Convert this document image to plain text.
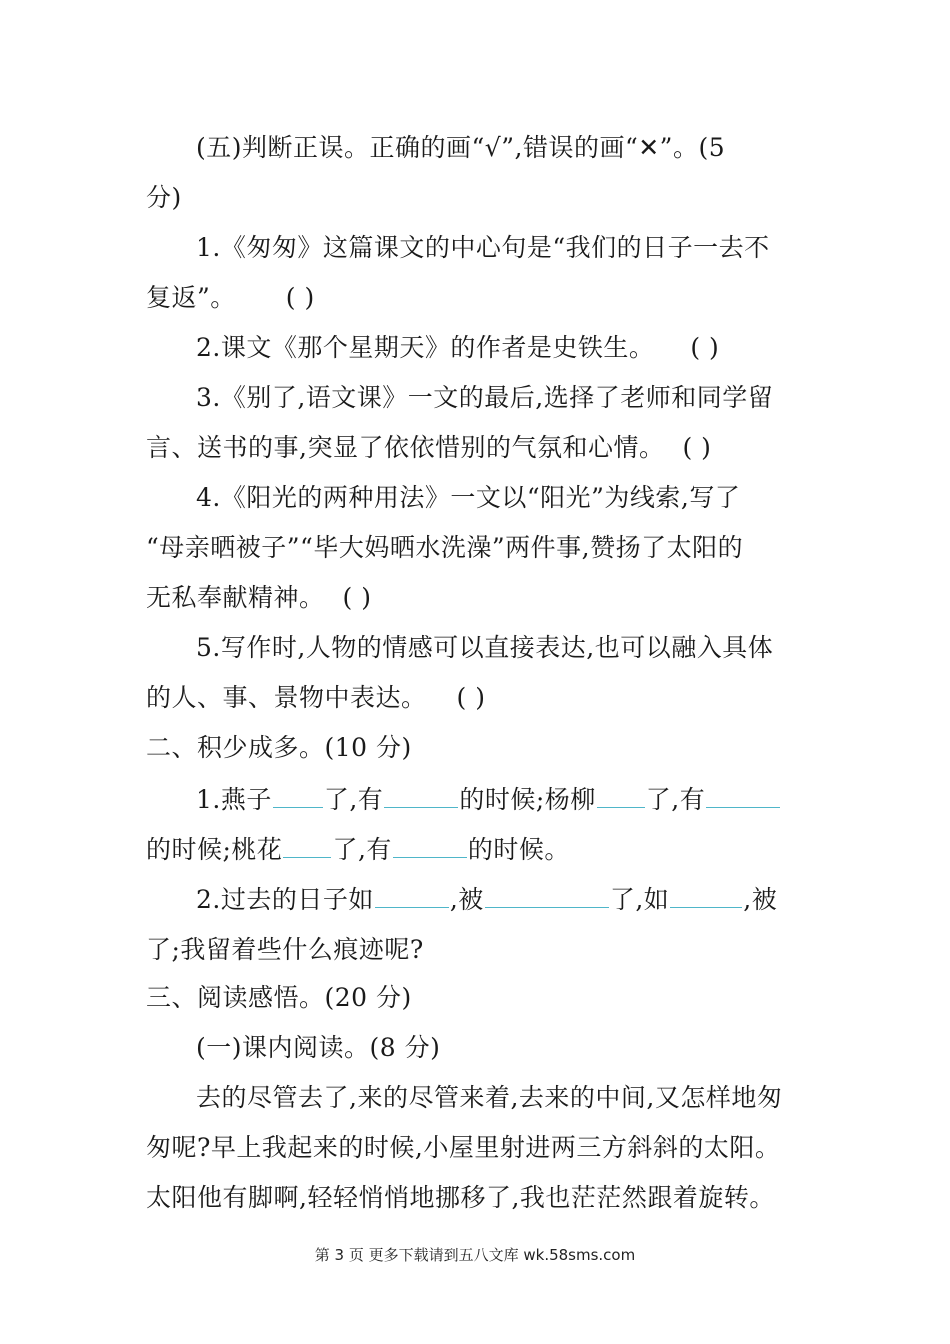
(五)判断正误。正确的画“√”,错误的画“✕”。(5
分)
1.《匆匆》这篇课文的中心句是“我们的日子一去不
复返”。 ( )
2.课文《那个星期天》的作者是史铁生。 ( )
3.《别了,语文课》一文的最后,选择了老师和同学留
言、送书的事,突显了依依惜别的气氛和心情。 ( )
4.《阳光的两种用法》一文以“阳光”为线索,写了
“母亲晒被子”“毕大妈晒水洗澡”两件事,赞扬了太阳的
无私奉献精神。 ( )
5.写作时,人物的情感可以直接表达,也可以融入具体
的人、事、景物中表达。 ( )
二、积少成多。(10 分)
1.燕子 了,有	的时候;杨柳 了,有
的时候;桃花 了,有	的时候。
2.过去的日子如	,被	了,如	,被
了;我留着些什么痕迹呢?
三、阅读感悟。(20 分)
(一)课内阅读。(8 分)
去的尽管去了,来的尽管来着,去来的中间,又怎样地匆
匆呢?早上我起来的时候,小屋里射进两三方斜斜的太阳。
太阳他有脚啊,轻轻悄悄地挪移了,我也茫茫然跟着旋转。
第 3 页 更多下载请到五八文库 wk.58sms.com
